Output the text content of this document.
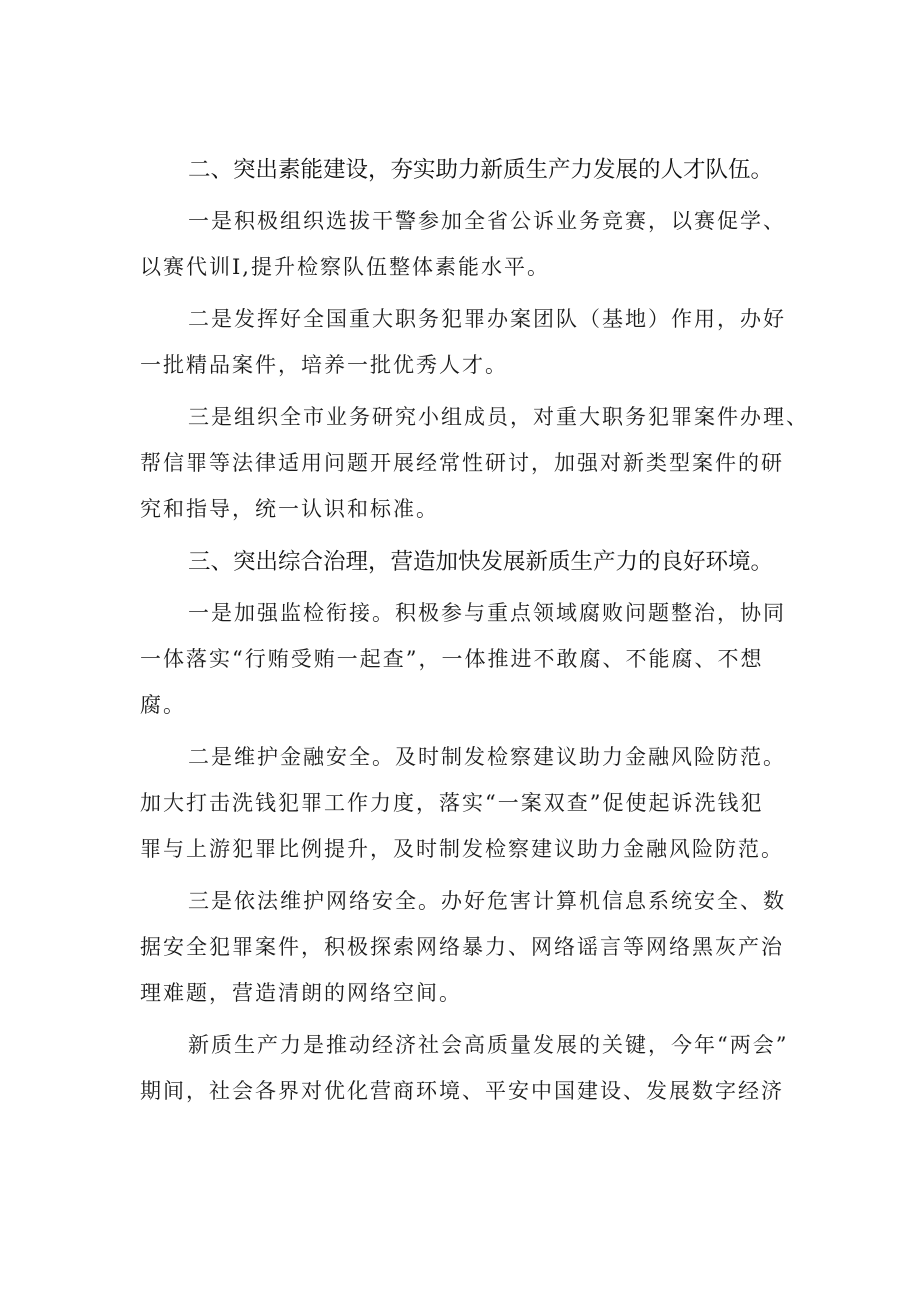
二、突出素能建设，夯实助力新质生产力发展的人才队伍。

一是积极组织选拔干警参加全省公诉业务竞赛，以赛促学、
以赛代训I,提升检察队伍整体素能水平。

二是发挥好全国重大职务犯罪办案团队（基地）作用，办好
一批精品案件，培养一批优秀人才。

三是组织全市业务研究小组成员，对重大职务犯罪案件办理、
帮信罪等法律适用问题开展经常性研讨，加强对新类型案件的研
究和指导，统一认识和标准。

三、突出综合治理，营造加快发展新质生产力的良好环境。

一是加强监检衔接。积极参与重点领域腐败问题整治，协同
一体落实“行贿受贿一起查”，一体推进不敢腐、不能腐、不想
腐。

二是维护金融安全。及时制发检察建议助力金融风险防范。
加大打击洗钱犯罪工作力度，落实“一案双查”促使起诉洗钱犯
罪与上游犯罪比例提升，及时制发检察建议助力金融风险防范。

三是依法维护网络安全。办好危害计算机信息系统安全、数
据安全犯罪案件，积极探索网络暴力、网络谣言等网络黑灰产治
理难题，营造清朗的网络空间。

新质生产力是推动经济社会高质量发展的关键，今年“两会”
期间，社会各界对优化营商环境、平安中国建设、发展数字经济
